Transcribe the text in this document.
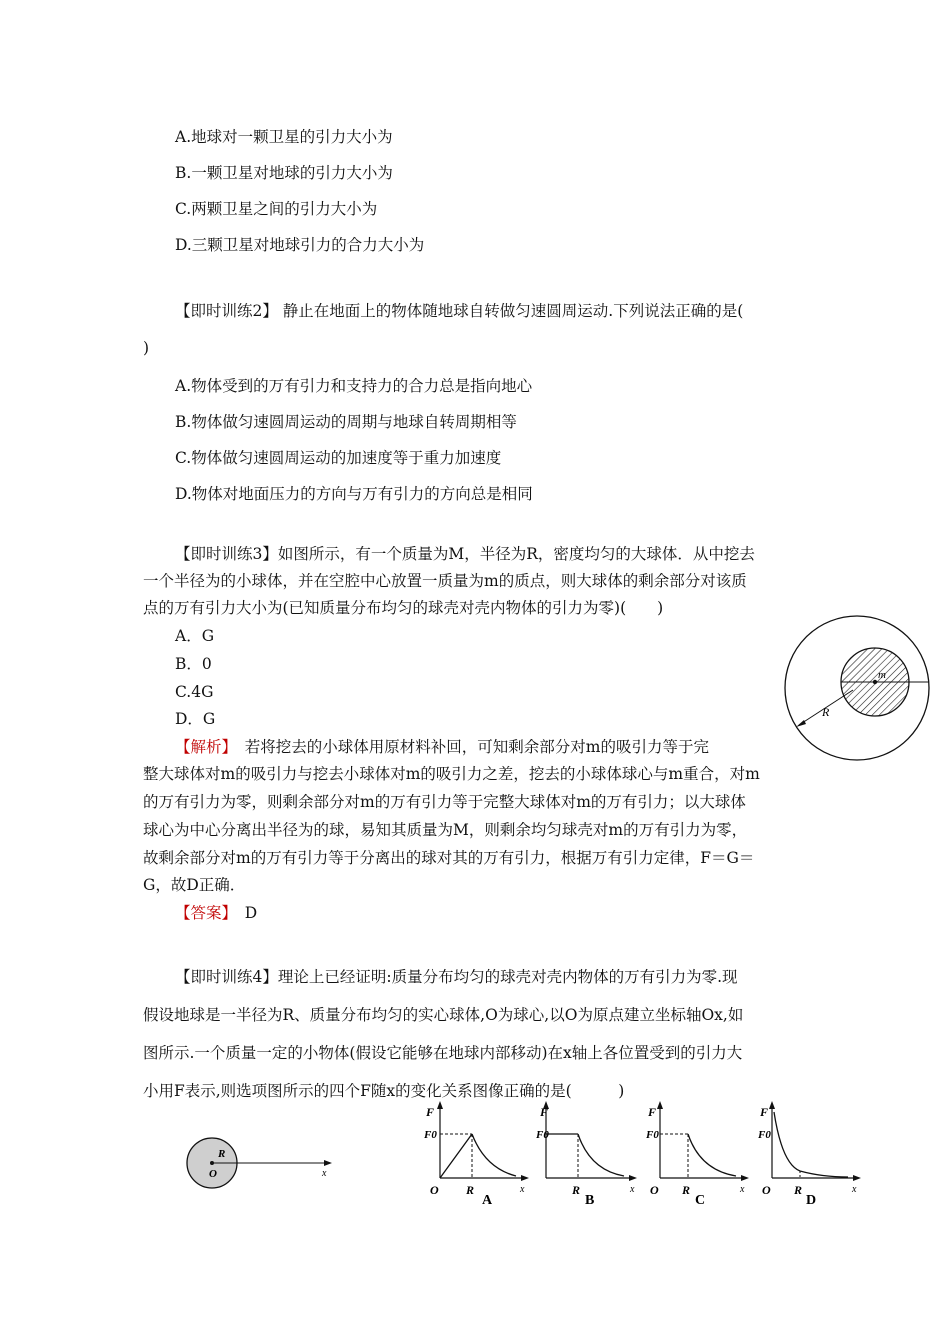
A.地球对一颗卫星的引力大小为
B.一颗卫星对地球的引力大小为
C.两颗卫星之间的引力大小为
D.三颗卫星对地球引力的合力大小为
【即时训练2】 静止在地面上的物体随地球自转做匀速圆周运动.下列说法正确的是(
)
A.物体受到的万有引力和支持力的合力总是指向地心
B.物体做匀速圆周运动的周期与地球自转周期相等
C.物体做匀速圆周运动的加速度等于重力加速度
D.物体对地面压力的方向与万有引力的方向总是相同
【即时训练3】如图所示，有一个质量为M，半径为R，密度均匀的大球体．从中挖去
一个半径为的小球体，并在空腔中心放置一质量为m的质点，则大球体的剩余部分对该质
点的万有引力大小为(已知质量分布均匀的球壳对壳内物体的引力为零)(　　)
A．G
B．0
C.4G
D．G
【解析】　若将挖去的小球体用原材料补回，可知剩余部分对m的吸引力等于完
整大球体对m的吸引力与挖去小球体对m的吸引力之差，挖去的小球体球心与m重合，对m
的万有引力为零，则剩余部分对m的万有引力等于完整大球体对m的万有引力；以大球体
球心为中心分离出半径为的球，易知其质量为M，则剩余均匀球壳对m的万有引力为零，
故剩余部分对m的万有引力等于分离出的球对其的万有引力，根据万有引力定律，F＝G＝
G，故D正确．
【答案】　D
m
R
【即时训练4】理论上已经证明:质量分布均匀的球壳对壳内物体的万有引力为零.现
假设地球是一半径为R、质量分布均匀的实心球体,O为球心,以O为原点建立坐标轴Ox,如
图所示.一个质量一定的小物体(假设它能够在地球内部移动)在x轴上各位置受到的引力大
小用F表示,则选项图所示的四个F随x的变化关系图像正确的是(　　　)
R
O	x
F
F0
O R	x
A
F
F0
R	x
B
F
F0
O R	x
C
F
F0
O R	x
D
